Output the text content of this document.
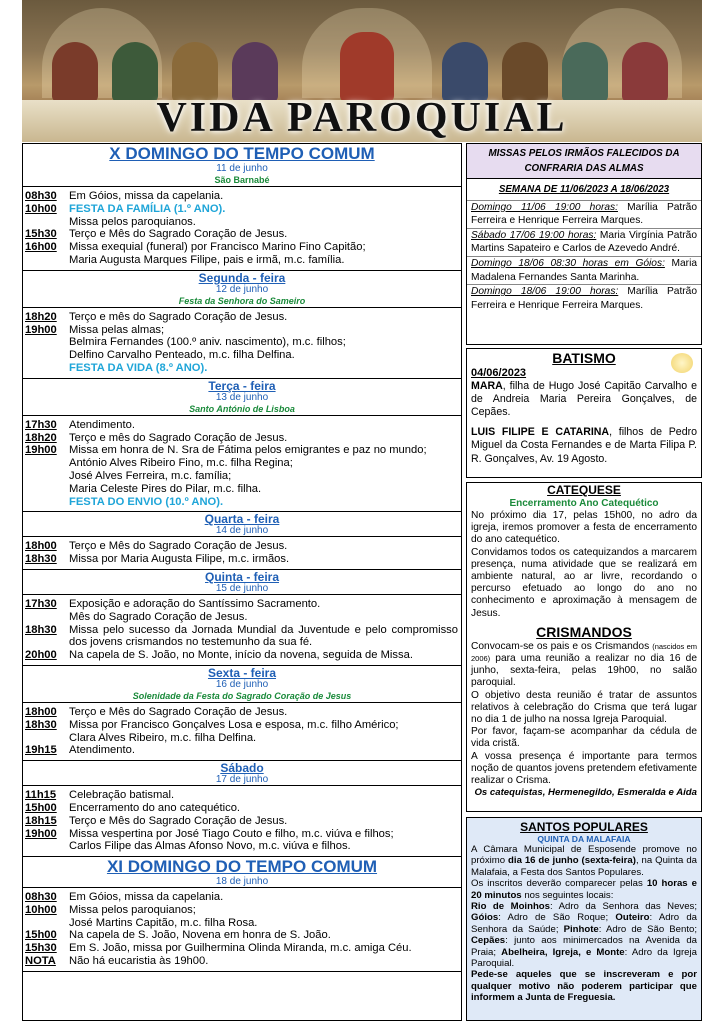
VIDA PAROQUIAL
X DOMINGO DO TEMPO COMUM
11 de junho
São Barnabé
08h30	Em Góios, missa da capelania.
10h00	FESTA DA FAMÍLIA (1.º ANO).
Missa pelos paroquianos.
15h30	Terço e Mês do Sagrado Coração de Jesus.
16h00	Missa exequial (funeral) por Francisco Marino Fino Capitão;
Maria Augusta Marques Filipe, pais e irmã, m.c. família.
Segunda - feira
12 de junho
Festa da Senhora do Sameiro
18h20	Terço e mês do Sagrado Coração de Jesus.
19h00	Missa pelas almas;
Belmira Fernandes (100.º aniv. nascimento), m.c. filhos;
Delfino Carvalho Penteado, m.c. filha Delfina.
FESTA DA VIDA (8.º ANO).
Terça - feira
13 de junho
Santo António de Lisboa
17h30	Atendimento.
18h20	Terço e mês do Sagrado Coração de Jesus.
19h00	Missa em honra de N. Sra de Fátima pelos emigrantes e paz no mundo;
António Alves Ribeiro Fino, m.c. filha Regina;
José Alves Ferreira, m.c. família;
Maria Celeste Pires do Pilar, m.c. filha.
FESTA DO ENVIO (10.º ANO).
Quarta - feira
14 de junho
18h00	Terço e Mês do Sagrado Coração de Jesus.
18h30	Missa por Maria Augusta Filipe, m.c. irmãos.
Quinta - feira
15 de junho
17h30	Exposição e adoração do Santíssimo Sacramento.
Mês do Sagrado Coração de Jesus.
18h30	Missa pelo sucesso da Jornada Mundial da Juventude e pelo compromisso dos jovens crismandos no testemunho da sua fé.
20h00	Na capela de S. João, no Monte, início da novena, seguida de Missa.
Sexta - feira
16 de junho
Solenidade da Festa do Sagrado Coração de Jesus
18h00	Terço e Mês do Sagrado Coração de Jesus.
18h30	Missa por Francisco Gonçalves Losa e esposa, m.c. filho Américo;
Clara Alves Ribeiro, m.c. filha Delfina.
19h15	Atendimento.
Sábado
17 de junho
11h15	Celebração batismal.
15h00	Encerramento do ano catequético.
18h15	Terço e Mês do Sagrado Coração de Jesus.
19h00	Missa vespertina por José Tiago Couto e filho, m.c. viúva e filhos;
Carlos Filipe das Almas Afonso Novo, m.c. viúva e filhos.
XI DOMINGO DO TEMPO COMUM
18 de junho
08h30	Em Góios, missa da capelania.
10h00	Missa pelos paroquianos;
José Martins Capitão, m.c. filha Rosa.
15h00	Na capela de S. João, Novena em honra de S. João.
15h30	Em S. João, missa por Guilhermina Olinda Miranda, m.c. amiga Céu.
NOTA	Não há eucaristia às 19h00.
MISSAS PELOS IRMÃOS FALECIDOS DA CONFRARIA DAS ALMAS
SEMANA DE 11/06/2023 A 18/06/2023
Domingo 11/06 19:00 horas: Marília Patrão Ferreira e Henrique Ferreira Marques.
Sábado 17/06 19:00 horas: Maria Virgínia Patrão Martins Sapateiro e Carlos de Azevedo André.
Domingo 18/06 08:30 horas em Góios: Maria Madalena Fernandes Santa Marinha.
Domingo 18/06 19:00 horas: Marília Patrão Ferreira e Henrique Ferreira Marques.
BATISMO
04/06/2023

MARA, filha de Hugo José Capitão Carvalho e de Andreia Maria Pereira Gonçalves, de Cepães.

LUIS FILIPE E CATARINA, filhos de Pedro Miguel da Costa Fernandes e de Marta Filipa P. R. Gonçalves, Av. 19 Agosto.

CATEQUESE
Encerramento Ano Catequético

No próximo dia 17, pelas 15h00, no adro da igreja, iremos promover a festa de encerramento do ano catequético.

Convidamos todos os catequizandos a marcarem presença, numa atividade que se realizará em ambiente natural, ao ar livre, recordando o percurso efetuado ao longo do ano no conhecimento e aproximação à mensagem de Jesus.

CRISMANDOS

Convocam-se os pais e os Crismandos (nascidos em 2006) para uma reunião a realizar no dia 16 de junho, sexta-feira, pelas 19h00, no salão paroquial.

O objetivo desta reunião é tratar de assuntos relativos à celebração do Crisma que terá lugar no dia 1 de julho na nossa Igreja Paroquial.

Por favor, façam-se acompanhar da cédula de vida cristã.

A vossa presença é importante para termos noção de quantos jovens pretendem efetivamente realizar o Crisma.

Os catequistas, Hermenegildo, Esmeralda e Aida
SANTOS POPULARES
QUINTA DA MALAFAIA

A Câmara Municipal de Esposende promove no próximo dia 16 de junho (sexta-feira), na Quinta da Malafaia, a Festa dos Santos Populares.

Os inscritos deverão comparecer pelas 10 horas e 20 minutos nos seguintes locais:

Rio de Moinhos: Adro da Senhora das Neves; Góios: Adro de São Roque; Outeiro: Adro da Senhora da Saúde; Pinhote: Adro de São Bento; Cepães: junto aos minimercados na Avenida da Praia; Abelheira, Igreja, e Monte: Adro da Igreja Paroquial.

Pede-se aqueles que se inscreveram e por qualquer motivo não poderem participar que informem a Junta de Freguesia.
